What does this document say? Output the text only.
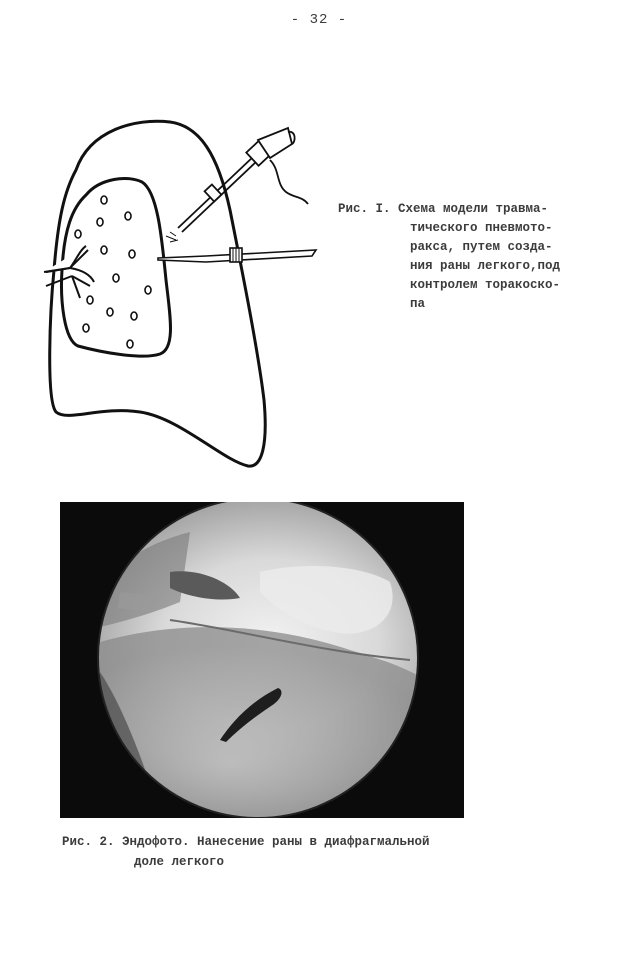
- 32 -
Рис. I. Схема модели травма-
тического пневмото-
ракса, путем созда-
ния раны легкого,под
контролем торакоско-
па
Рис. 2. Эндофото. Нанесение раны в диафрагмальной
доле легкого
